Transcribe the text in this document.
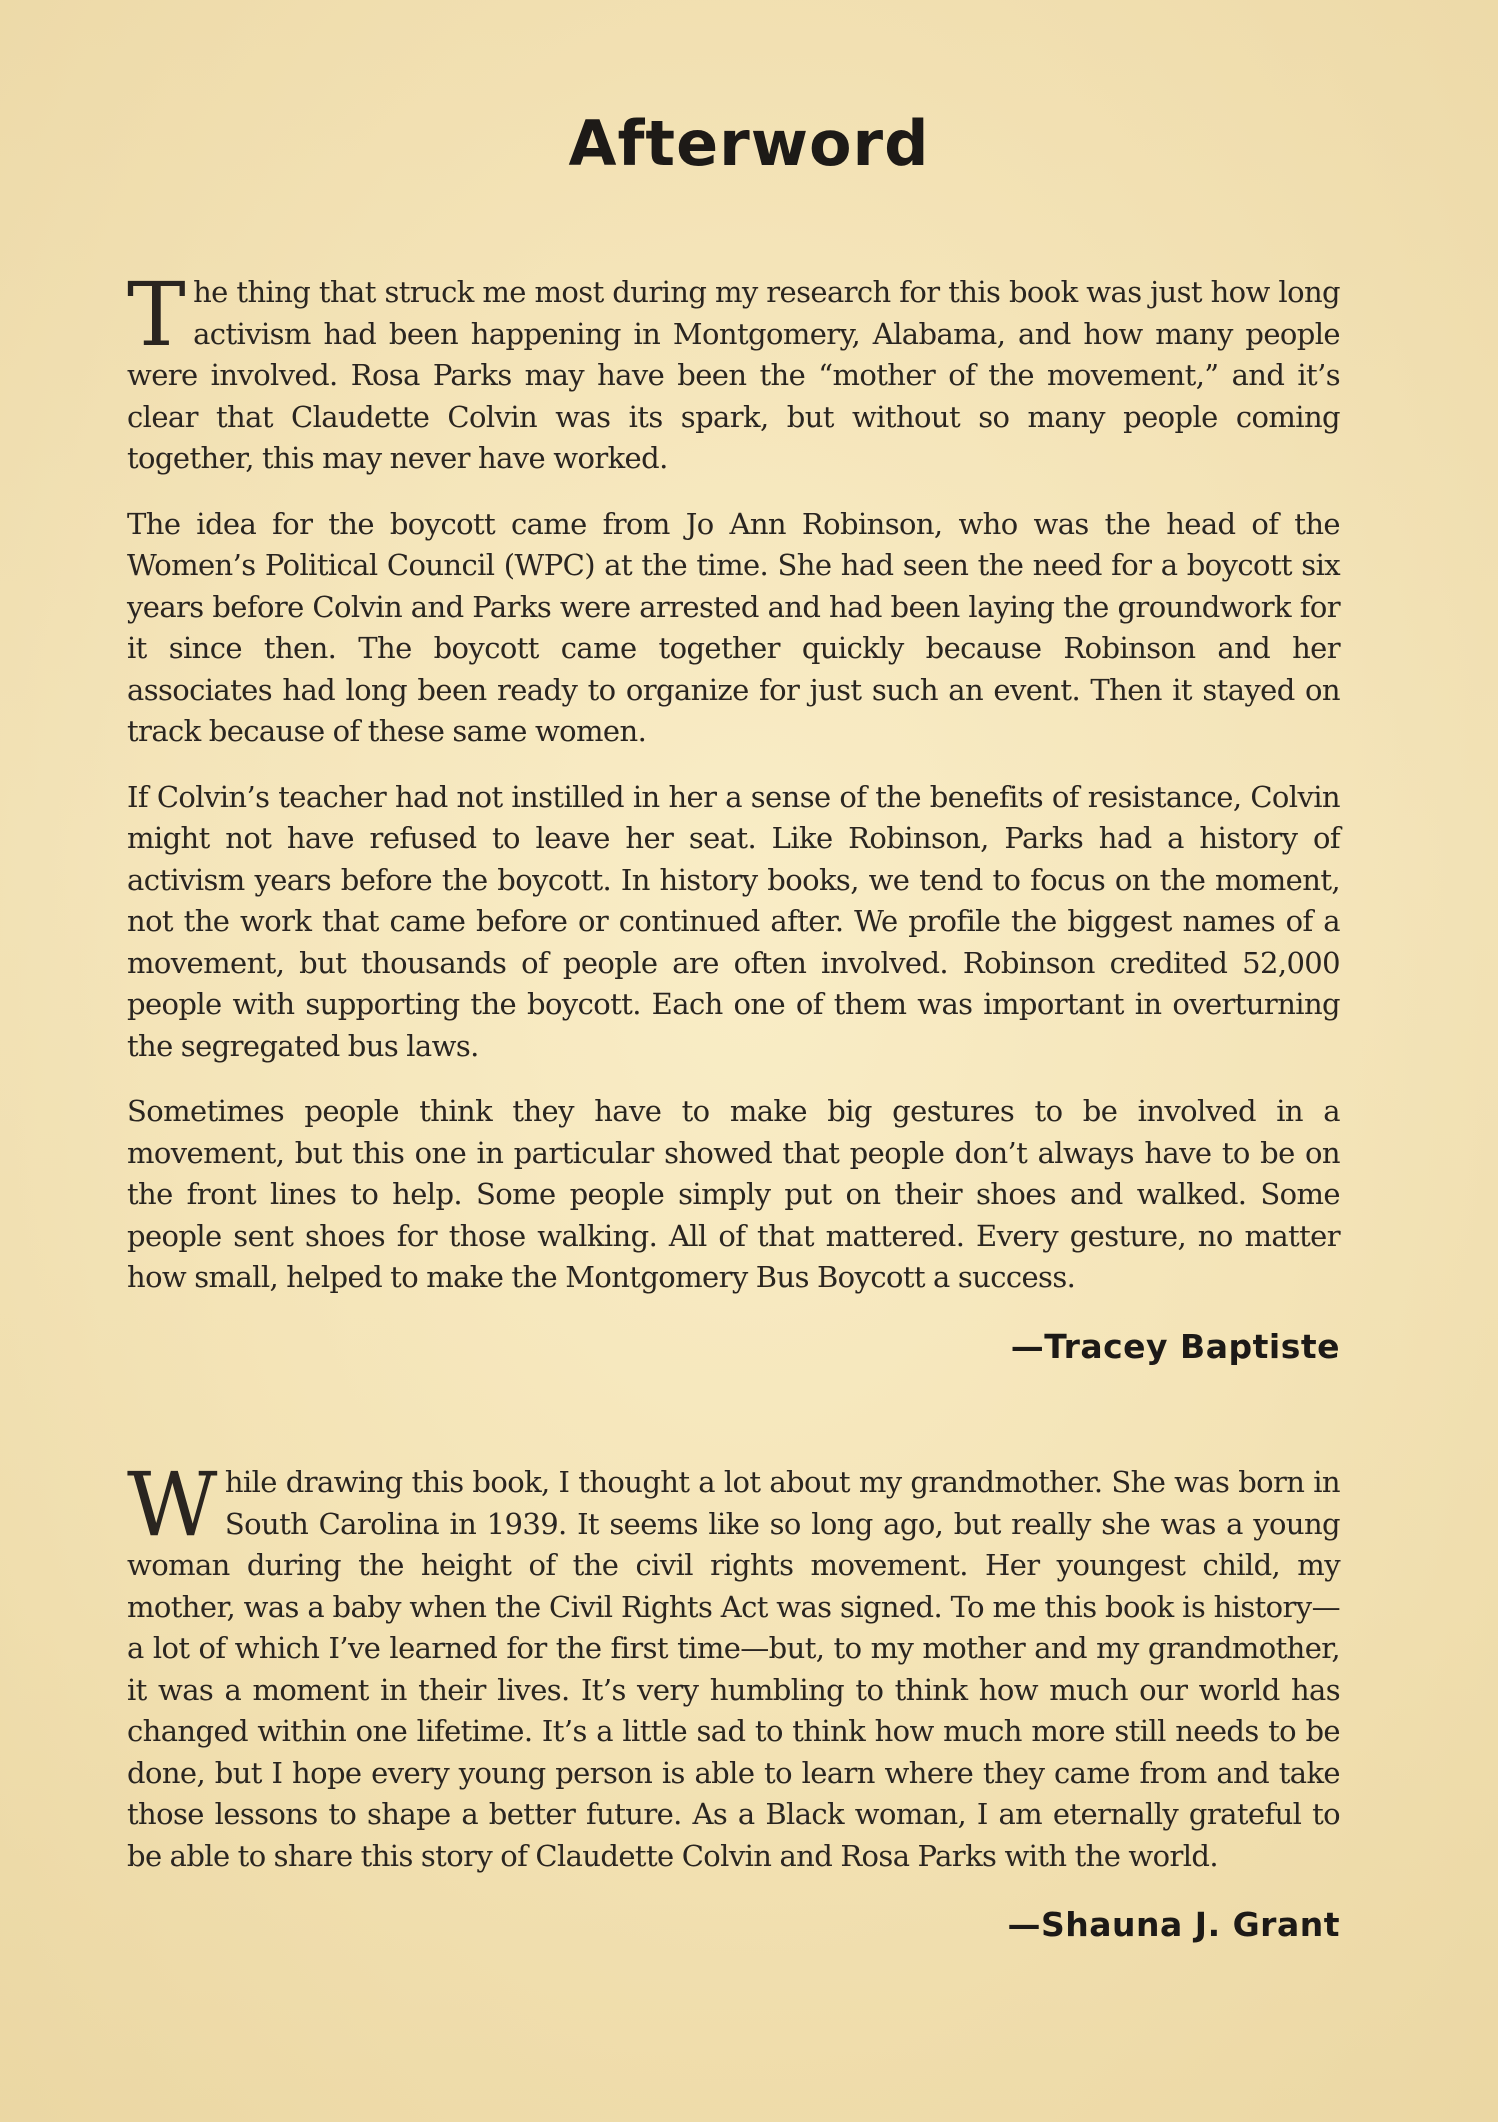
Afterword

The thing that struck me most during my research for this book was just how long activism had been happening in Montgomery, Alabama, and how many people were involved. Rosa Parks may have been the “mother of the movement,” and it’s clear that Claudette Colvin was its spark, but without so many people coming together, this may never have worked.

The idea for the boycott came from Jo Ann Robinson, who was the head of the Women’s Political Council (WPC) at the time. She had seen the need for a boycott six years before Colvin and Parks were arrested and had been laying the groundwork for it since then. The boycott came together quickly because Robinson and her associates had long been ready to organize for just such an event. Then it stayed on track because of these same women.

If Colvin’s teacher had not instilled in her a sense of the benefits of resistance, Colvin might not have refused to leave her seat. Like Robinson, Parks had a history of activism years before the boycott. In history books, we tend to focus on the moment, not the work that came before or continued after. We profile the biggest names of a movement, but thousands of people are often involved. Robinson credited 52,000 people with supporting the boycott. Each one of them was important in overturning the segregated bus laws.

Sometimes people think they have to make big gestures to be involved in a movement, but this one in particular showed that people don’t always have to be on the front lines to help. Some people simply put on their shoes and walked. Some people sent shoes for those walking. All of that mattered. Every gesture, no matter how small, helped to make the Montgomery Bus Boycott a success.

—Tracey Baptiste

While drawing this book, I thought a lot about my grandmother. She was born in South Carolina in 1939. It seems like so long ago, but really she was a young woman during the height of the civil rights movement. Her youngest child, my mother, was a baby when the Civil Rights Act was signed. To me this book is history—a lot of which I’ve learned for the first time—but, to my mother and my grandmother, it was a moment in their lives. It’s very humbling to think how much our world has changed within one lifetime. It’s a little sad to think how much more still needs to be done, but I hope every young person is able to learn where they came from and take those lessons to shape a better future. As a Black woman, I am eternally grateful to be able to share this story of Claudette Colvin and Rosa Parks with the world.

—Shauna J. Grant
